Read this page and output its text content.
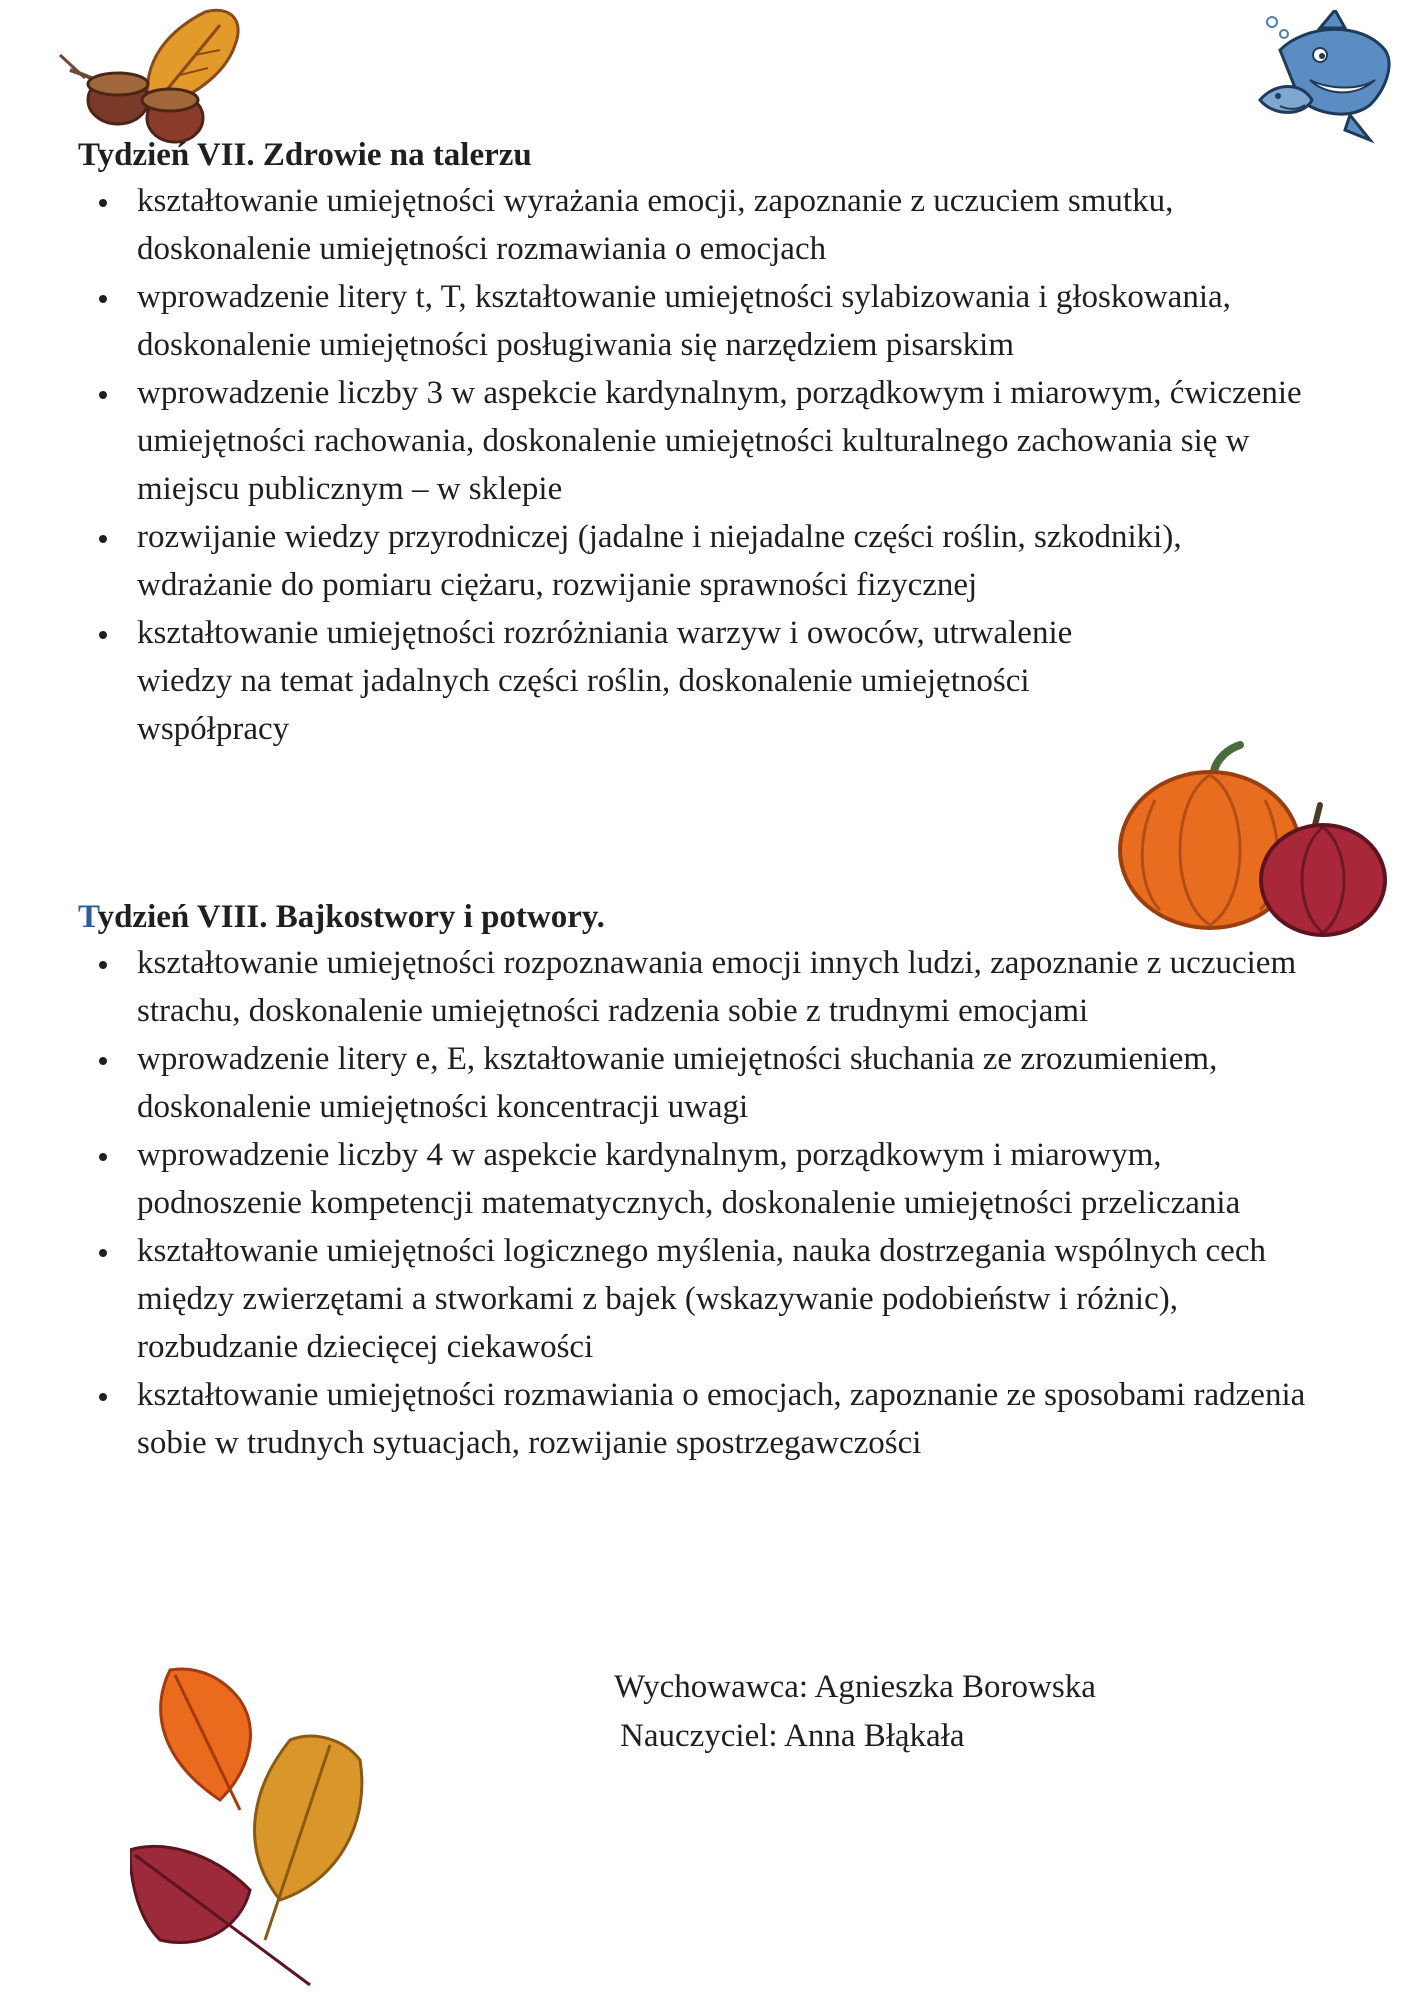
Tydzień VII. Zdrowie na talerzu
kształtowanie umiejętności wyrażania emocji, zapoznanie z uczuciem smutku, doskonalenie umiejętności rozmawiania o emocjach
wprowadzenie litery t, T, kształtowanie umiejętności sylabizowania i głoskowania, doskonalenie umiejętności posługiwania się narzędziem pisarskim
wprowadzenie liczby 3 w aspekcie kardynalnym, porządkowym i miarowym, ćwiczenie umiejętności rachowania, doskonalenie umiejętności kulturalnego zachowania się w miejscu publicznym – w sklepie
rozwijanie wiedzy przyrodniczej (jadalne i niejadalne części roślin, szkodniki), wdrażanie do pomiaru ciężaru, rozwijanie sprawności fizycznej
kształtowanie umiejętności rozróżniania warzyw i owoców, utrwalenie wiedzy na temat jadalnych części roślin, doskonalenie umiejętności współpracy
Tydzień VIII. Bajkostwory i potwory.
kształtowanie umiejętności rozpoznawania emocji innych ludzi, zapoznanie z uczuciem strachu, doskonalenie umiejętności radzenia sobie z trudnymi emocjami
wprowadzenie litery e, E, kształtowanie umiejętności słuchania ze zrozumieniem, doskonalenie umiejętności koncentracji uwagi
wprowadzenie liczby 4 w aspekcie kardynalnym, porządkowym i miarowym, podnoszenie kompetencji matematycznych, doskonalenie umiejętności przeliczania
kształtowanie umiejętności logicznego myślenia, nauka dostrzegania wspólnych cech między zwierzętami a stworkami z bajek (wskazywanie podobieństw i różnic), rozbudzanie dziecięcej ciekawości
kształtowanie umiejętności rozmawiania o emocjach, zapoznanie ze sposobami radzenia sobie w trudnych sytuacjach, rozwijanie spostrzegawczości
Wychowawca: Agnieszka Borowska
Nauczyciel: Anna Błąkała
